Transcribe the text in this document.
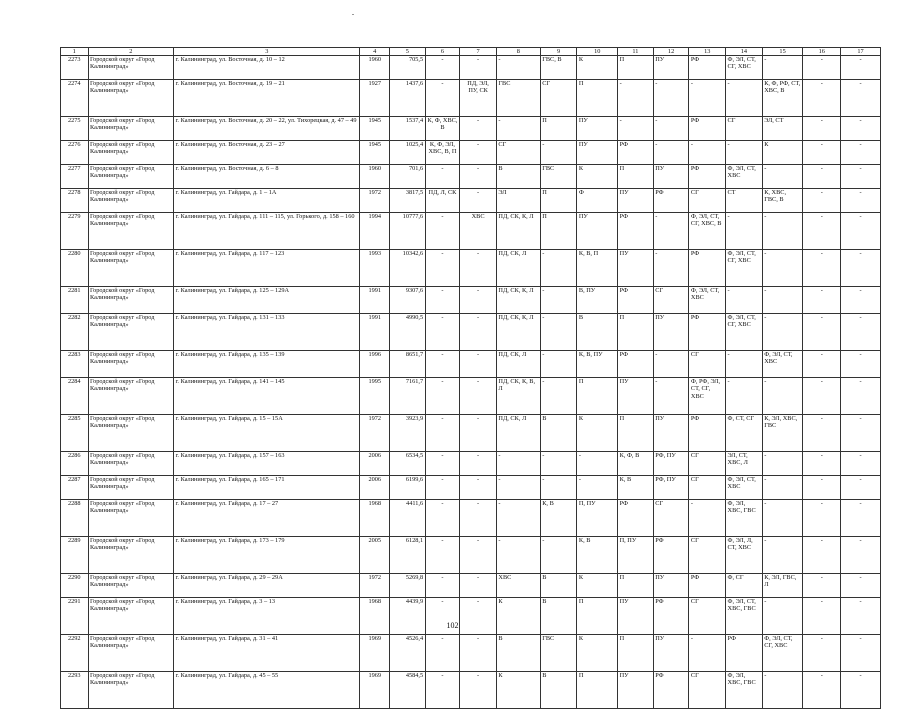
1	2	3	4	5	6	7	8	9	10	11	12	13	14	15	16	17
2273	Городской округ «Город Калининград»	г. Калининград, ул. Восточная, д. 10 – 12	1960	705,5	-	-	-	ГВС, В	К	П	ПУ	РФ	Ф, ЭЛ, СТ, СГ, ХВС	-	-	-
2274	Городской округ «Город Калининград»	г. Калининград, ул. Восточная, д. 19 – 21	1927	1437,6	-	ПД, ЭЛ, ПУ, СК	ГВС	СГ	П	-	-	-	-	К, Ф, РФ, СТ, ХВС, В	-	-
2275	Городской округ «Город Калининград»	г. Калининград, ул. Восточная, д. 20 – 22, ул. Тихорецкая, д. 47 – 49	1945	1537,4	К, Ф, ХВС, В	-	-	П	ПУ	-	-	РФ	СГ	ЭЛ, СТ	-	-
2276	Городской округ «Город Калининград»	г. Калининград, ул. Восточная, д. 23 – 27	1945	1025,4	К, Ф, ЭЛ, ХВС, В, П	-	СГ	-	ПУ	РФ	-	-	-	К	-	-
2277	Городской округ «Город Калининград»	г. Калининград, ул. Восточная, д. 6 – 8	1960	701,6	-	-	В	ГВС	К	П	ПУ	РФ	Ф, ЭЛ, СТ, ХВС	-	-	-
2278	Городской округ «Город Калининград»	г. Калининград, ул. Гайдара, д. 1 – 1А	1972	3817,5	ПД, Л, СК	-	ЭЛ	П	Ф	ПУ	РФ	СГ	СТ	К, ХВС, ГВС, В	-	-
2279	Городской округ «Город Калининград»	г. Калининград, ул. Гайдара, д. 111 – 115, ул. Горького, д. 158 – 160	1994	10777,6	-	ХВС	ПД, СК, К, Л	П	ПУ	РФ	-	Ф, ЭЛ, СТ, СГ, ХВС, В	-	-	-	-
2280	Городской округ «Город Калининград»	г. Калининград, ул. Гайдара, д. 117 – 123	1993	10342,6	-	-	ПД, СК, Л	-	К, В, П	ПУ	-	РФ	Ф, ЭЛ, СТ, СГ, ХВС	-	-	-
2281	Городской округ «Город Калининград»	г. Калининград, ул. Гайдара, д. 125 – 129А	1991	9307,6	-	-	ПД, СК, К, Л	-	В, ПУ	РФ	СГ	Ф, ЭЛ, СТ, ХВС	-	-	-	-
2282	Городской округ «Город Калининград»	г. Калининград, ул. Гайдара, д. 131 – 133	1991	4990,5	-	-	ПД, СК, К, Л	-	В	П	ПУ	РФ	Ф, ЭЛ, СТ, СГ, ХВС	-	-	-
2283	Городской округ «Город Калининград»	г. Калининград, ул. Гайдара, д. 135 – 139	1996	8651,7	-	-	ПД, СК, Л	-	К, В, ПУ	РФ	-	СГ	-	Ф, ЭЛ, СТ, ХВС	-	-
2284	Городской округ «Город Калининград»	г. Калининград, ул. Гайдара, д. 141 – 145	1995	7161,7	-	-	ПД, СК, К, В, Л	-	П	ПУ	-	Ф, РФ, ЭЛ, СТ, СГ, ХВС	-	-	-	-
2285	Городской округ «Город Калининград»	г. Калининград, ул. Гайдара, д. 15 – 15А	1972	3923,9	-	-	ПД, СК, Л	В	К	П	ПУ	РФ	Ф, СТ, СГ	К, ЭЛ, ХВС, ГВС	-	-
2286	Городской округ «Город Калининград»	г. Калининград, ул. Гайдара, д. 157 – 163	2006	6534,5	-	-	-	-	-	К, Ф, В	РФ, ПУ	СГ	ЭЛ, СТ, ХВС, Л	-	-	-
2287	Городской округ «Город Калининград»	г. Калининград, ул. Гайдара, д. 165 – 171	2006	6199,6	-	-	-	-	-	К, В	РФ, ПУ	СГ	Ф, ЭЛ, СТ, ХВС	-	-	-
2288	Городской округ «Город Калининград»	г. Калининград, ул. Гайдара, д. 17 – 27	1968	4411,6	-	-	-	К, В	П, ПУ	РФ	СГ	-	Ф, ЭЛ, ХВС, ГВС	-	-	-
2289	Городской округ «Город Калининград»	г. Калининград, ул. Гайдара, д. 173 – 179	2005	6128,1	-	-	-	-	К, В	П, ПУ	РФ	СГ	Ф, ЭЛ, Л, СТ, ХВС	-	-	-
2290	Городской округ «Город Калининград»	г. Калининград, ул. Гайдара, д. 29 – 29А	1972	5269,8	-	-	ХВС	В	К	П	ПУ	РФ	Ф, СГ	К, ЭЛ, ГВС, Л	-	-
2291	Городской округ «Город Калининград»	г. Калининград, ул. Гайдара, д. 3 – 13	1968	4439,9	-	-	К	В	П	ПУ	РФ	СГ	Ф, ЭЛ, СТ, ХВС, ГВС	-	-	-
2292	Городской округ «Город Калининград»	г. Калининград, ул. Гайдара, д. 31 – 41	1969	4526,4	-	-	В	ГВС	К	П	ПУ	-	РФ	Ф, ЭЛ, СТ, СГ, ХВС	-	-
2293	Городской округ «Город Калининград»	г. Калининград, ул. Гайдара, д. 45 – 55	1969	4584,5	-	-	К	В	П	ПУ	РФ	СГ	Ф, ЭЛ, ХВС, ГВС	-	-	-
102
